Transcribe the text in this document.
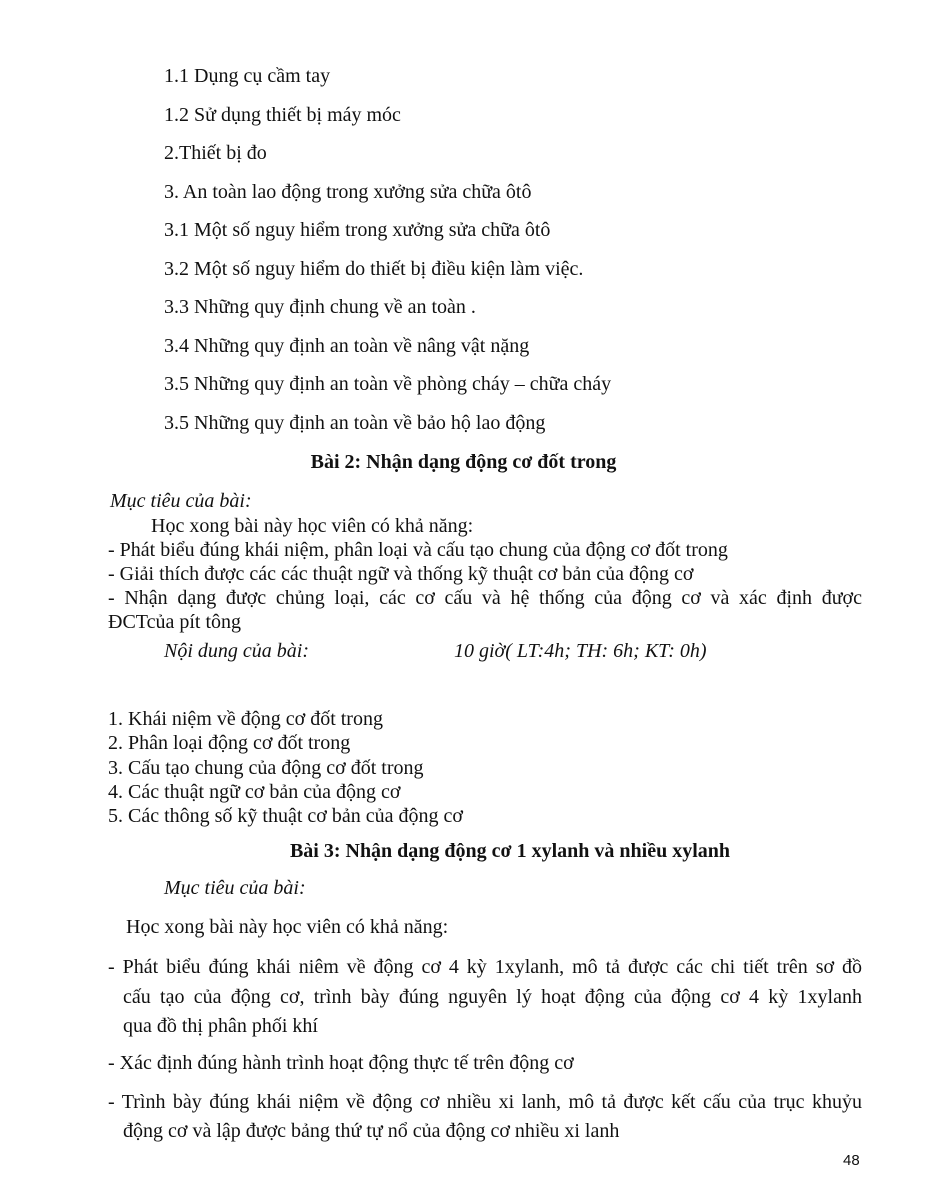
1.1 Dụng cụ cầm tay
1.2 Sử dụng thiết bị máy móc
2.Thiết bị đo
3. An toàn lao động trong xưởng sửa chữa ôtô
3.1 Một số nguy hiểm trong xưởng sửa chữa ôtô
3.2 Một số nguy hiểm do thiết bị điều kiện làm việc.
3.3 Những quy định chung về an toàn .
3.4 Những quy định an toàn về nâng vật nặng
3.5 Những quy định an toàn về phòng cháy – chữa cháy
3.5 Những quy định an toàn về bảo hộ lao động
Bài 2: Nhận dạng động cơ đốt trong
Mục tiêu của bài:
Học xong bài này học viên có khả năng:
- Phát biểu đúng khái niệm, phân loại và cấu tạo chung của động cơ đốt trong
- Giải thích được các các thuật ngữ và thống kỹ thuật cơ bản của động cơ
- Nhận dạng được chủng loại, các cơ cấu và hệ thống của động cơ và xác định được
ĐCTcủa pít tông
Nội dung của bài:	10 giờ( LT:4h; TH: 6h; KT: 0h)
1. Khái niệm về động cơ đốt trong
2. Phân loại động cơ đốt trong
3. Cấu tạo chung của động cơ đốt trong
4. Các thuật ngữ cơ bản của động cơ
5. Các thông số kỹ thuật cơ bản của động cơ
Bài 3: Nhận dạng động cơ 1 xylanh và nhiều xylanh
Mục tiêu của bài:
Học xong bài này học viên có khả năng:
- Phát biểu đúng khái niêm về động cơ 4 kỳ 1xylanh, mô tả được các chi tiết trên sơ đồ
cấu tạo của động cơ, trình bày đúng nguyên lý hoạt động của động cơ 4 kỳ 1xylanh
qua đồ thị phân phối khí
- Xác định đúng hành trình hoạt động thực tế trên động cơ
- Trình bày đúng khái niệm về động cơ nhiều xi lanh, mô tả được kết cấu của trục khuỷu
động cơ và lập được bảng thứ tự nổ của động cơ nhiều xi lanh
48
